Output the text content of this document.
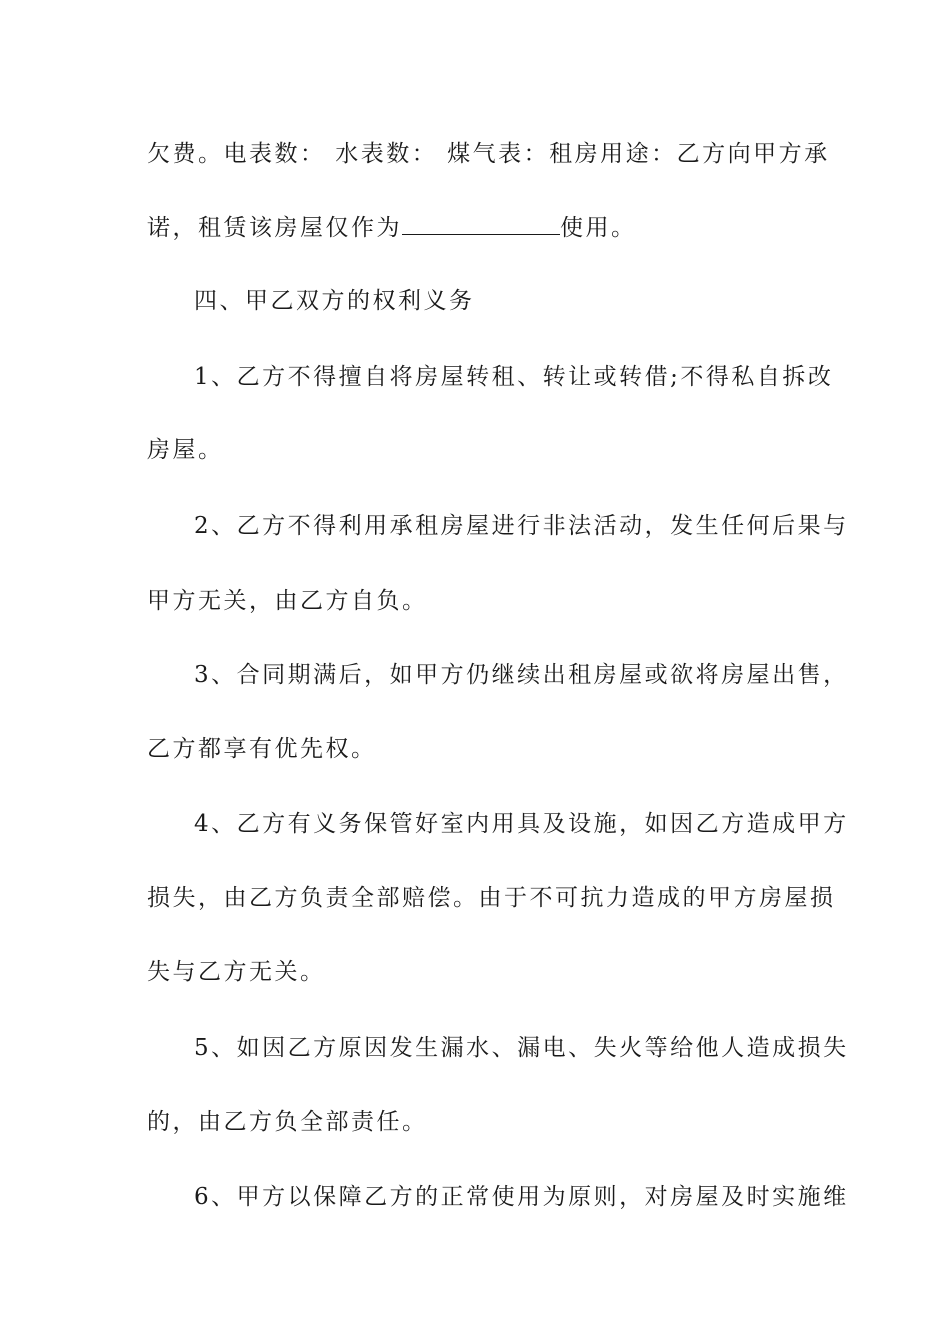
欠费。电表数： 水表数： 煤气表：租房用途：乙方向甲方承
诺，租赁该房屋仅作为	使用。
四、甲乙双方的权利义务
1、乙方不得擅自将房屋转租、转让或转借;不得私自拆改
房屋。
2、乙方不得利用承租房屋进行非法活动，发生任何后果与
甲方无关，由乙方自负。
3、合同期满后，如甲方仍继续出租房屋或欲将房屋出售，
乙方都享有优先权。
4、乙方有义务保管好室内用具及设施，如因乙方造成甲方
损失，由乙方负责全部赔偿。由于不可抗力造成的甲方房屋损
失与乙方无关。
5、如因乙方原因发生漏水、漏电、失火等给他人造成损失
的，由乙方负全部责任。
6、甲方以保障乙方的正常使用为原则，对房屋及时实施维
